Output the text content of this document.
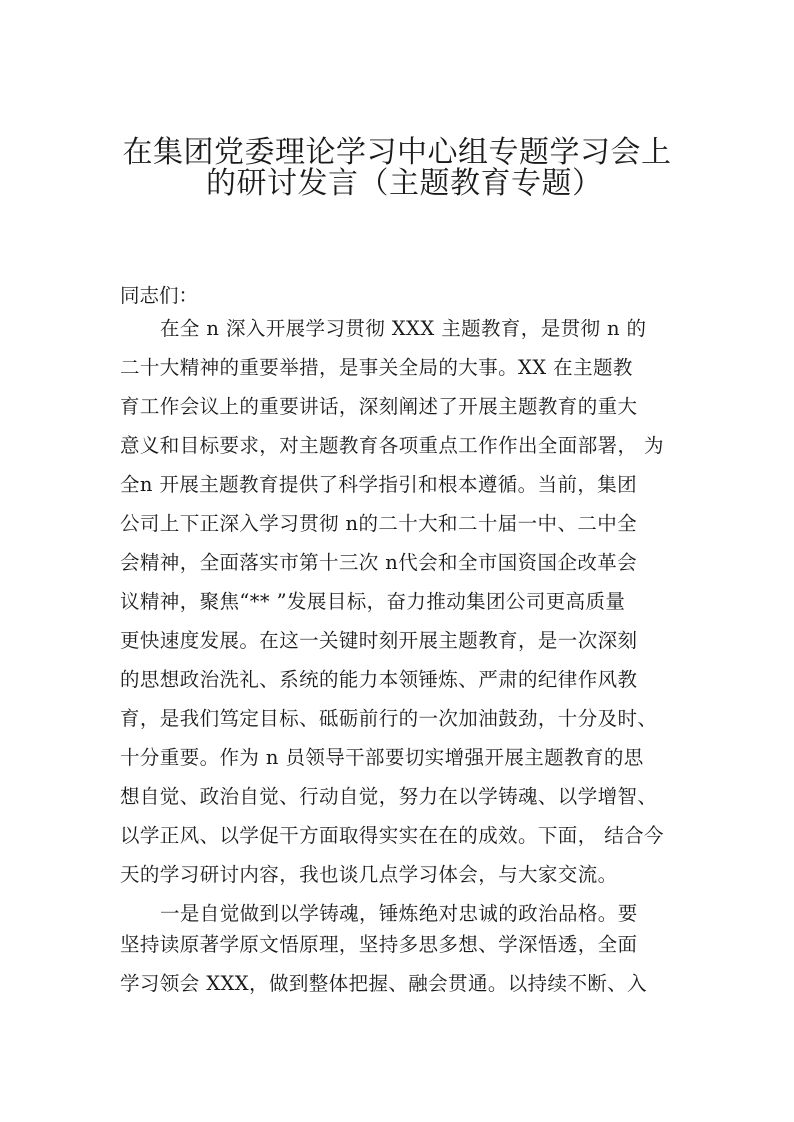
在集团党委理论学习中心组专题学习会上
的研讨发言（主题教育专题）
同志们：
在全 n 深入开展学习贯彻 XXX 主题教育，是贯彻 n 的
二十大精神的重要举措，是事关全局的大事。XX 在主题教
育工作会议上的重要讲话，深刻阐述了开展主题教育的重大
意义和目标要求，对主题教育各项重点工作作出全面部署， 为
全n 开展主题教育提供了科学指引和根本遵循。当前，集团
公司上下正深入学习贯彻 n的二十大和二十届一中、二中全
会精神，全面落实市第十三次 n代会和全市国资国企改革会
议精神，聚焦“** ”发展目标，奋力推动集团公司更高质量
更快速度发展。在这一关键时刻开展主题教育，是一次深刻
的思想政治洗礼、系统的能力本领锤炼、严肃的纪律作风教
育，是我们笃定目标、砥砺前行的一次加油鼓劲，十分及时、
十分重要。作为 n 员领导干部要切实增强开展主题教育的思
想自觉、政治自觉、行动自觉，努力在以学铸魂、以学增智、
以学正风、以学促干方面取得实实在在的成效。下面， 结合今
天的学习研讨内容，我也谈几点学习体会，与大家交流。
一是自觉做到以学铸魂，锤炼绝对忠诚的政治品格。要
坚持读原著学原文悟原理，坚持多思多想、学深悟透，全面
学习领会 XXX，做到整体把握、融会贯通。以持续不断、入
